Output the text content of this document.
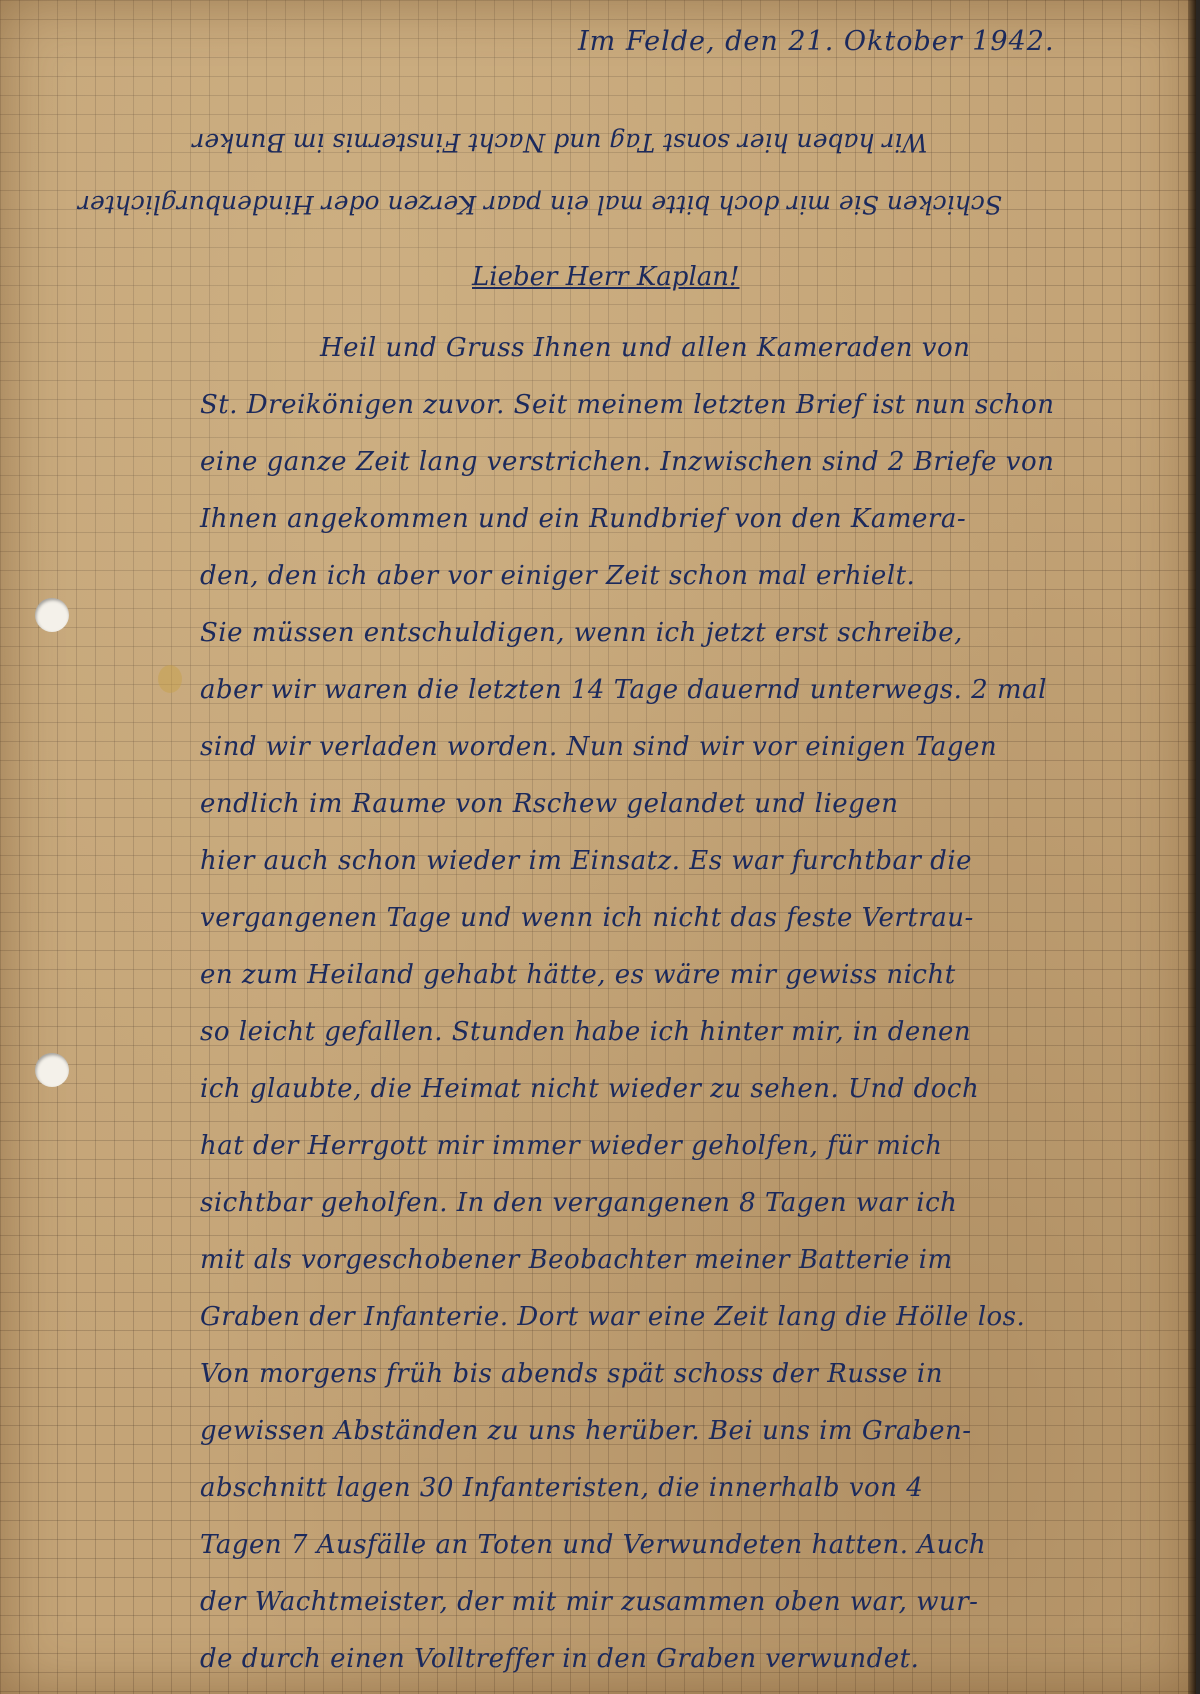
Im Felde, den 21. Oktober 1942.
Wir haben hier sonst Tag und Nacht Finsternis im Bunker
Schicken Sie mir doch bitte mal ein paar Kerzen oder Hindenburglichter
Lieber Herr Kaplan!
Heil und Gruss Ihnen und allen Kameraden von
St. Dreikönigen zuvor. Seit meinem letzten Brief ist nun schon
eine ganze Zeit lang verstrichen. Inzwischen sind 2 Briefe von
Ihnen angekommen und ein Rundbrief von den Kamera-
den, den ich aber vor einiger Zeit schon mal erhielt.
Sie müssen entschuldigen, wenn ich jetzt erst schreibe,
aber wir waren die letzten 14 Tage dauernd unterwegs. 2 mal
sind wir verladen worden. Nun sind wir vor einigen Tagen
endlich im Raume von Rschew gelandet und liegen
hier auch schon wieder im Einsatz. Es war furchtbar die
vergangenen Tage und wenn ich nicht das feste Vertrau-
en zum Heiland gehabt hätte, es wäre mir gewiss nicht
so leicht gefallen. Stunden habe ich hinter mir, in denen
ich glaubte, die Heimat nicht wieder zu sehen. Und doch
hat der Herrgott mir immer wieder geholfen, für mich
sichtbar geholfen. In den vergangenen 8 Tagen war ich
mit als vorgeschobener Beobachter meiner Batterie im
Graben der Infanterie. Dort war eine Zeit lang die Hölle los.
Von morgens früh bis abends spät schoss der Russe in
gewissen Abständen zu uns herüber. Bei uns im Graben-
abschnitt lagen 30 Infanteristen, die innerhalb von 4
Tagen 7 Ausfälle an Toten und Verwundeten hatten. Auch
der Wachtmeister, der mit mir zusammen oben war, wur-
de durch einen Volltreffer in den Graben verwundet.
